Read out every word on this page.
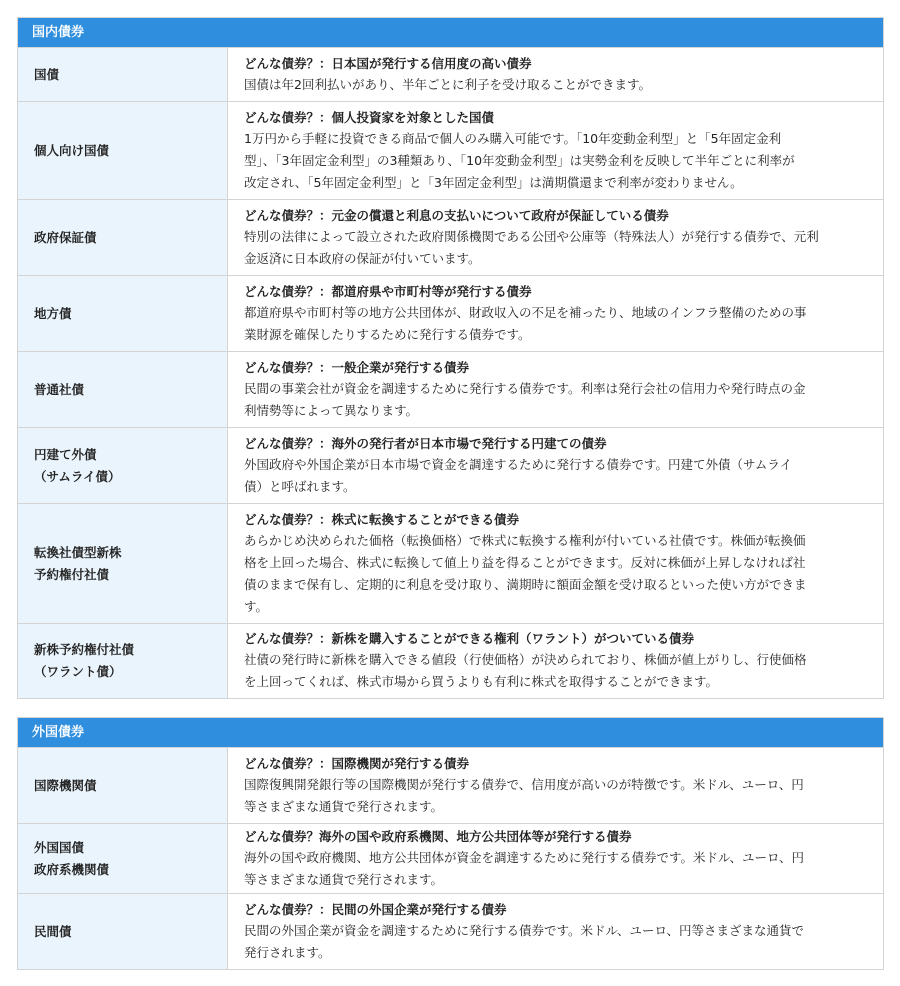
国内債券
国債
どんな債券？：日本国が発行する信用度の高い債券
国債は年2回利払いがあり、半年ごとに利子を受け取ることができます。
個人向け国債
どんな債券？：個人投資家を対象とした国債
1万円から手軽に投資できる商品で個人のみ購入可能です。「10年変動金利型」と「5年固定金利
型」、「3年固定金利型」の3種類あり、「10年変動金利型」は実勢金利を反映して半年ごとに利率が
改定され、「5年固定金利型」と「3年固定金利型」は満期償還まで利率が変わりません。
政府保証債
どんな債券？：元金の償還と利息の支払いについて政府が保証している債券
特別の法律によって設立された政府関係機関である公団や公庫等（特殊法人）が発行する債券で、元利
金返済に日本政府の保証が付いています。
地方債
どんな債券？：都道府県や市町村等が発行する債券
都道府県や市町村等の地方公共団体が、財政収入の不足を補ったり、地域のインフラ整備のための事
業財源を確保したりするために発行する債券です。
普通社債
どんな債券？：一般企業が発行する債券
民間の事業会社が資金を調達するために発行する債券です。利率は発行会社の信用力や発行時点の金
利情勢等によって異なります。
円建て外債
（サムライ債）
どんな債券？：海外の発行者が日本市場で発行する円建ての債券
外国政府や外国企業が日本市場で資金を調達するために発行する債券です。円建て外債（サムライ
債）と呼ばれます。
転換社債型新株
予約権付社債
どんな債券？：株式に転換することができる債券
あらかじめ決められた価格（転換価格）で株式に転換する権利が付いている社債です。株価が転換価
格を上回った場合、株式に転換して値上り益を得ることができます。反対に株価が上昇しなければ社
債のままで保有し、定期的に利息を受け取り、満期時に額面金額を受け取るといった使い方ができま
す。
新株予約権付社債
（ワラント債）
どんな債券？：新株を購入することができる権利（ワラント）がついている債券
社債の発行時に新株を購入できる値段（行使価格）が決められており、株価が値上がりし、行使価格
を上回ってくれば、株式市場から買うよりも有利に株式を取得することができます。
外国債券
国際機関債
どんな債券？：国際機関が発行する債券
国際復興開発銀行等の国際機関が発行する債券で、信用度が高いのが特徴です。米ドル、ユーロ、円
等さまざまな通貨で発行されます。
外国国債
政府系機関債
どんな債券？海外の国や政府系機関、地方公共団体等が発行する債券
海外の国や政府機関、地方公共団体が資金を調達するために発行する債券です。米ドル、ユーロ、円
等さまざまな通貨で発行されます。
民間債
どんな債券？：民間の外国企業が発行する債券
民間の外国企業が資金を調達するために発行する債券です。米ドル、ユーロ、円等さまざまな通貨で
発行されます。
